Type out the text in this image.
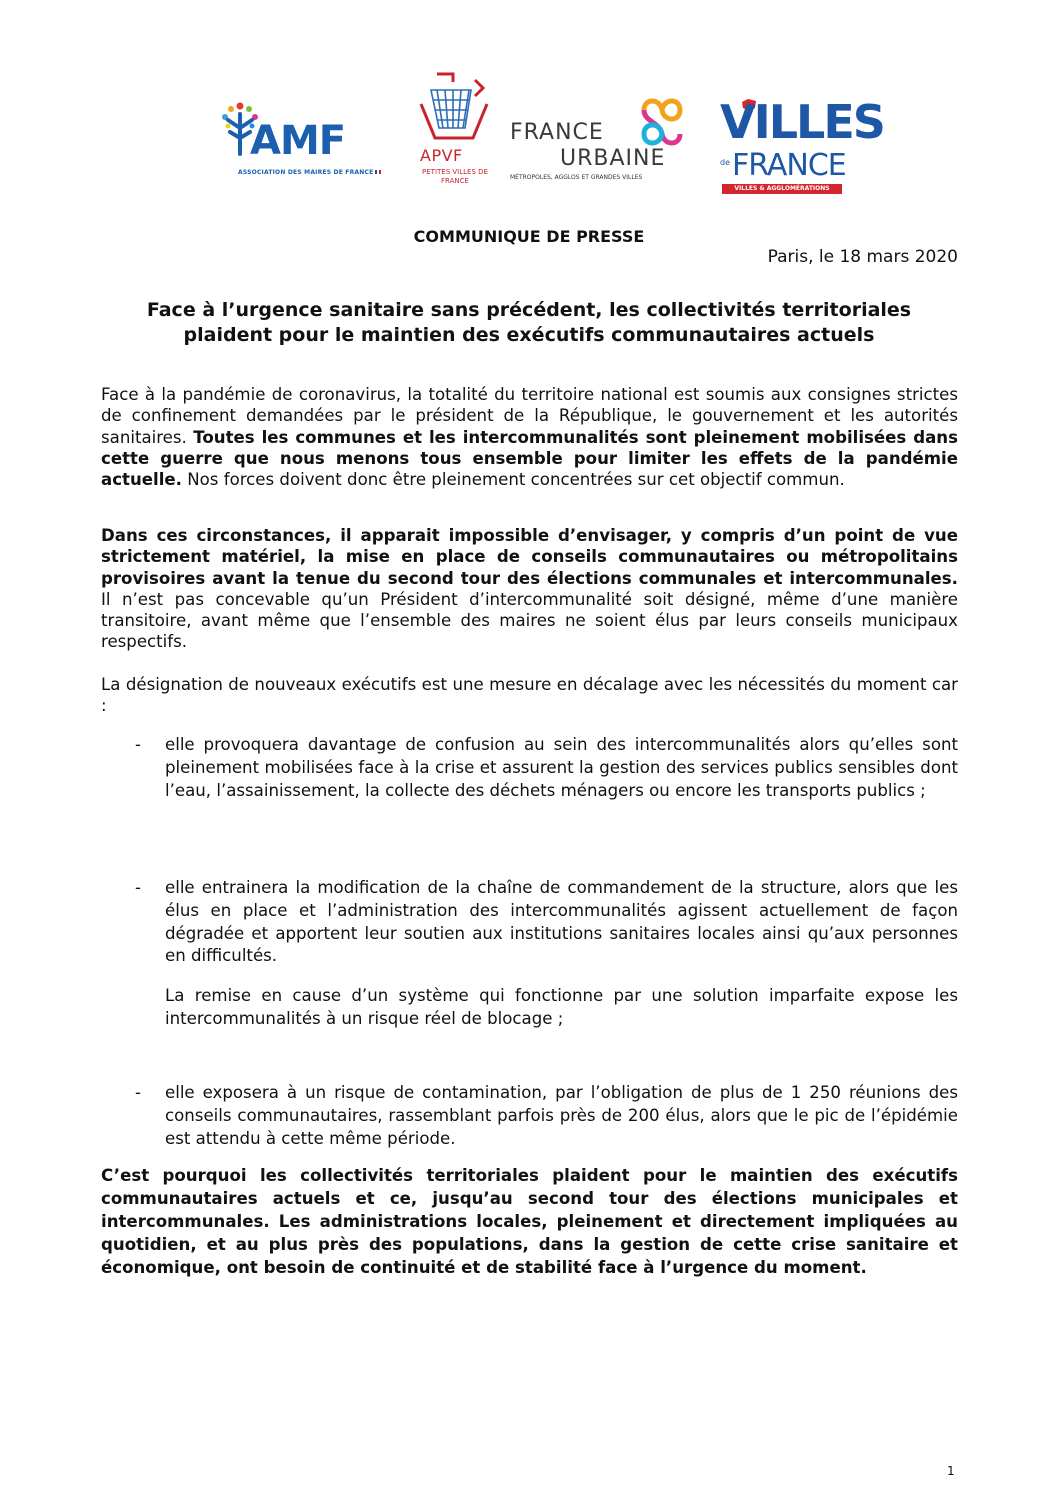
AMF
ASSOCIATION DES MAIRES DE FRANCE
APVF
PETITES VILLES DE FRANCE
FRANCE
URBAINE
MÉTROPOLES, AGGLOS ET GRANDES VILLES
VILLES
de FRANCE
VILLES & AGGLOMÉRATIONS
COMMUNIQUE DE PRESSE
Paris, le 18 mars 2020
Face à l’urgence sanitaire sans précédent, les collectivités territoriales plaident pour le maintien des exécutifs communautaires actuels

Face à la pandémie de coronavirus, la totalité du territoire national est soumis aux consignes strictes de confinement demandées par le président de la République, le gouvernement et les autorités sanitaires. Toutes les communes et les intercommunalités sont pleinement mobilisées dans cette guerre que nous menons tous ensemble pour limiter les effets de la pandémie actuelle. Nos forces doivent donc être pleinement concentrées sur cet objectif commun.

Dans ces circonstances, il apparait impossible d’envisager, y compris d’un point de vue strictement matériel, la mise en place de conseils communautaires ou métropolitains provisoires avant la tenue du second tour des élections communales et intercommunales. Il n’est pas concevable qu’un Président d’intercommunalité soit désigné, même d’une manière transitoire, avant même que l’ensemble des maires ne soient élus par leurs conseils municipaux respectifs.

La désignation de nouveaux exécutifs est une mesure en décalage avec les nécessités du moment car :

- elle provoquera davantage de confusion au sein des intercommunalités alors qu’elles sont pleinement mobilisées face à la crise et assurent la gestion des services publics sensibles dont l’eau, l’assainissement, la collecte des déchets ménagers ou encore les transports publics ;
- elle entrainera la modification de la chaîne de commandement de la structure, alors que les élus en place et l’administration des intercommunalités agissent actuellement de façon dégradée et apportent leur soutien aux institutions sanitaires locales ainsi qu’aux personnes en difficultés.

La remise en cause d’un système qui fonctionne par une solution imparfaite expose les intercommunalités à un risque réel de blocage ;

- elle exposera à un risque de contamination, par l’obligation de plus de 1 250 réunions des conseils communautaires, rassemblant parfois près de 200 élus, alors que le pic de l’épidémie est attendu à cette même période.

C’est pourquoi les collectivités territoriales plaident pour le maintien des exécutifs communautaires actuels et ce, jusqu’au second tour des élections municipales et intercommunales. Les administrations locales, pleinement et directement impliquées au quotidien, et au plus près des populations, dans la gestion de cette crise sanitaire et économique, ont besoin de continuité et de stabilité face à l’urgence du moment.

1
